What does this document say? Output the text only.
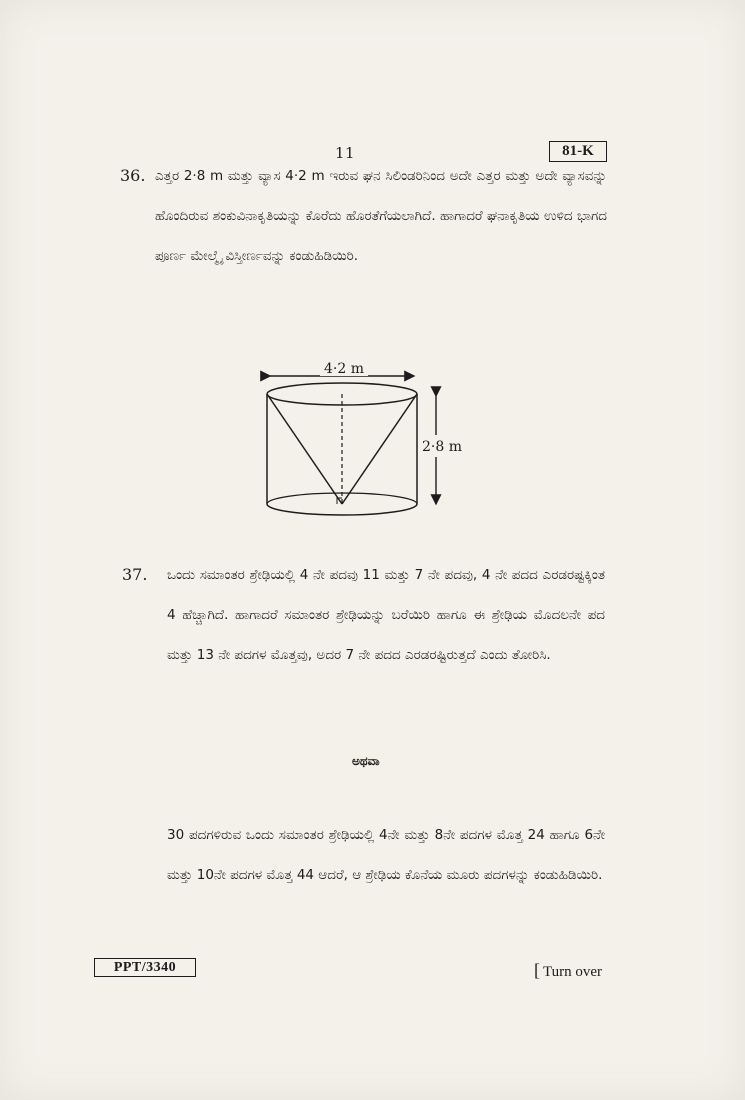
11	81-K
36. ಎತ್ತರ 2·8 m ಮತ್ತು ವ್ಯಾಸ 4·2 m ಇರುವ ಘನ ಸಿಲಿಂಡರಿನಿಂದ ಅದೇ ಎತ್ತರ ಮತ್ತು ಅದೇ ವ್ಯಾಸವನ್ನು ಹೊಂದಿರುವ ಶಂಕುವಿನಾಕೃತಿಯನ್ನು ಕೊರೆದು ಹೊರತೆಗೆಯಲಾಗಿದೆ. ಹಾಗಾದರೆ ಘನಾಕೃತಿಯ ಉಳಿದ ಭಾಗದ ಪೂರ್ಣ ಮೇಲ್ಮೈ ವಿಸ್ತೀರ್ಣವನ್ನು ಕಂಡುಹಿಡಿಯಿರಿ.
4·2 m
2·8 m
37. ಒಂದು ಸಮಾಂತರ ಶ್ರೇಢಿಯಲ್ಲಿ 4 ನೇ ಪದವು 11 ಮತ್ತು 7 ನೇ ಪದವು, 4 ನೇ ಪದದ ಎರಡರಷ್ಟಕ್ಕಿಂತ 4 ಹೆಚ್ಚಾಗಿದೆ. ಹಾಗಾದರೆ ಸಮಾಂತರ ಶ್ರೇಢಿಯನ್ನು ಬರೆಯಿರಿ ಹಾಗೂ ಈ ಶ್ರೇಢಿಯ ಮೊದಲನೇ ಪದ ಮತ್ತು 13 ನೇ ಪದಗಳ ಮೊತ್ತವು, ಅದರ 7 ನೇ ಪದದ ಎರಡರಷ್ಟಿರುತ್ತದೆ ಎಂದು ತೋರಿಸಿ.
ಅಥವಾ
30 ಪದಗಳಿರುವ ಒಂದು ಸಮಾಂತರ ಶ್ರೇಢಿಯಲ್ಲಿ 4ನೇ ಮತ್ತು 8ನೇ ಪದಗಳ ಮೊತ್ತ 24 ಹಾಗೂ 6ನೇ ಮತ್ತು 10ನೇ ಪದಗಳ ಮೊತ್ತ 44 ಆದರೆ, ಆ ಶ್ರೇಢಿಯ ಕೊನೆಯ ಮೂರು ಪದಗಳನ್ನು ಕಂಡುಹಿಡಿಯಿರಿ.
PPT/3340	[ Turn over
